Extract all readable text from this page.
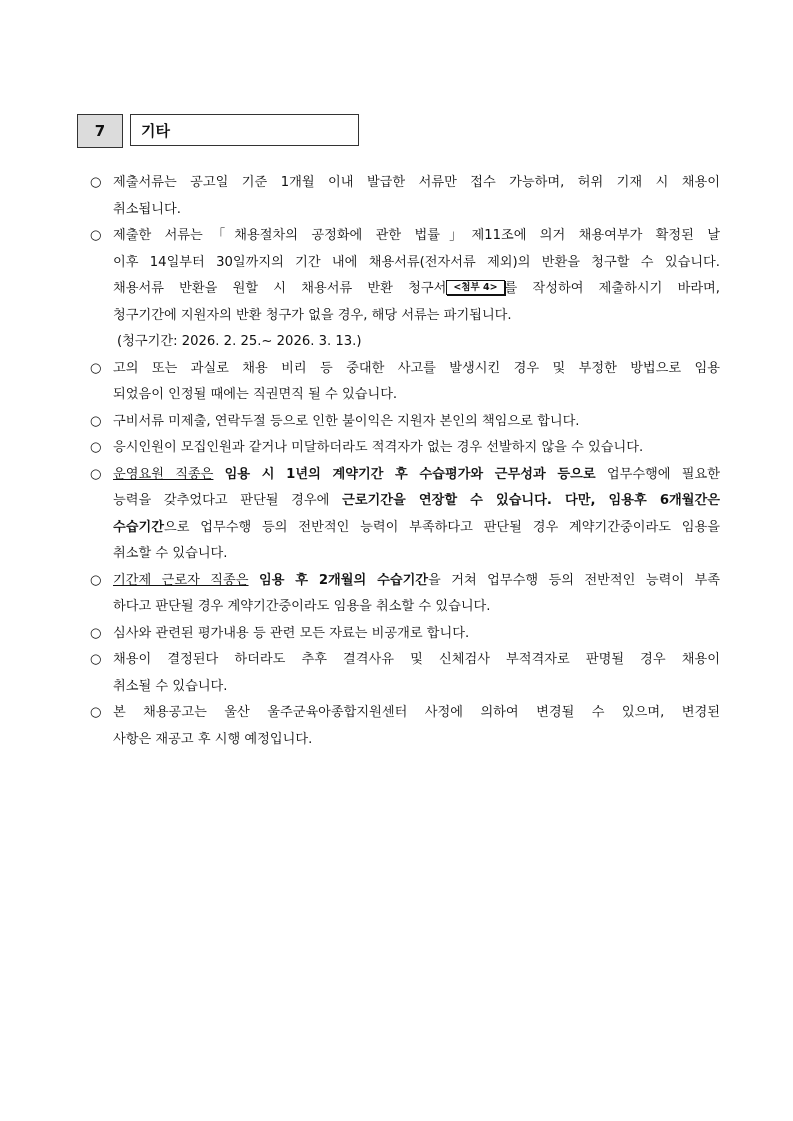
7	기타
○ 제출서류는 공고일 기준 1개월 이내 발급한 서류만 접수 가능하며, 허위 기재 시 채용이
취소됩니다.
○ 제출한 서류는「채용절차의 공정화에 관한 법률」제11조에 의거 채용여부가 확정된 날
이후 14일부터 30일까지의 기간 내에 채용서류(전자서류 제외)의 반환을 청구할 수 있습니다.
채용서류 반환을 원할 시 채용서류 반환 청구서 <첨부 4> 를 작성하여 제출하시기 바라며,
청구기간에 지원자의 반환 청구가 없을 경우, 해당 서류는 파기됩니다.
(청구기간: 2026. 2. 25.~ 2026. 3. 13.)
○ 고의 또는 과실로 채용 비리 등 중대한 사고를 발생시킨 경우 및 부정한 방법으로 임용
되었음이 인정될 때에는 직권면직 될 수 있습니다.
○ 구비서류 미제출, 연락두절 등으로 인한 불이익은 지원자 본인의 책임으로 합니다.
○ 응시인원이 모집인원과 같거나 미달하더라도 적격자가 없는 경우 선발하지 않을 수 있습니다.
○ 운영요원 직종은 임용 시 1년의 계약기간 후 수습평가와 근무성과 등으로 업무수행에 필요한
능력을 갖추었다고 판단될 경우에 근로기간을 연장할 수 있습니다. 다만, 임용후 6개월간은
수습기간으로 업무수행 등의 전반적인 능력이 부족하다고 판단될 경우 계약기간중이라도 임용을
취소할 수 있습니다.
○ 기간제 근로자 직종은 임용 후 2개월의 수습기간을 거쳐 업무수행 등의 전반적인 능력이 부족
하다고 판단될 경우 계약기간중이라도 임용을 취소할 수 있습니다.
○ 심사와 관련된 평가내용 등 관련 모든 자료는 비공개로 합니다.
○ 채용이 결정된다 하더라도 추후 결격사유 및 신체검사 부적격자로 판명될 경우 채용이
취소될 수 있습니다.
○ 본 채용공고는 울산 울주군육아종합지원센터 사정에 의하여 변경될 수 있으며, 변경된
사항은 재공고 후 시행 예정입니다.
